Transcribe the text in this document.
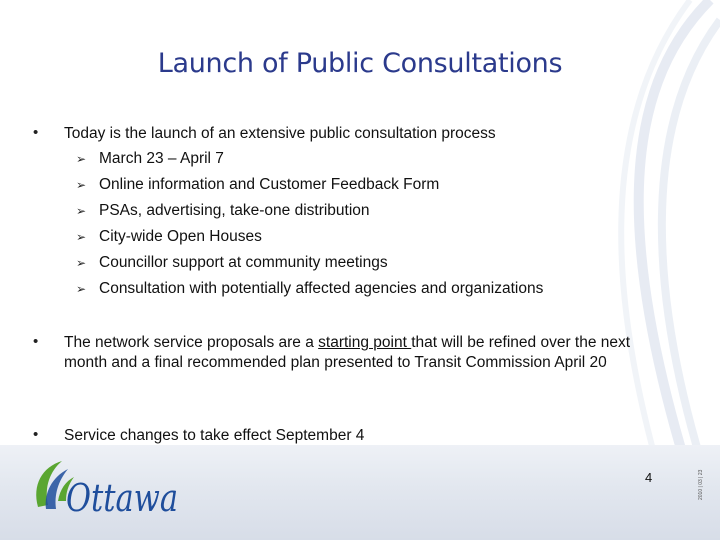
Launch of Public Consultations
• Today is the launch of an extensive public consultation process
➢ March 23 – April 7
➢ Online information and Customer Feedback Form
➢ PSAs, advertising, take-one distribution
➢ City-wide Open Houses
➢ Councillor support at community meetings
➢ Consultation with potentially affected agencies and organizations
• The network service proposals are a starting point that will be refined over the next month and a final recommended plan presented to Transit Commission April 20
• Service changes to take effect September 4
Ottawa	4	2010 | 03 | 23
